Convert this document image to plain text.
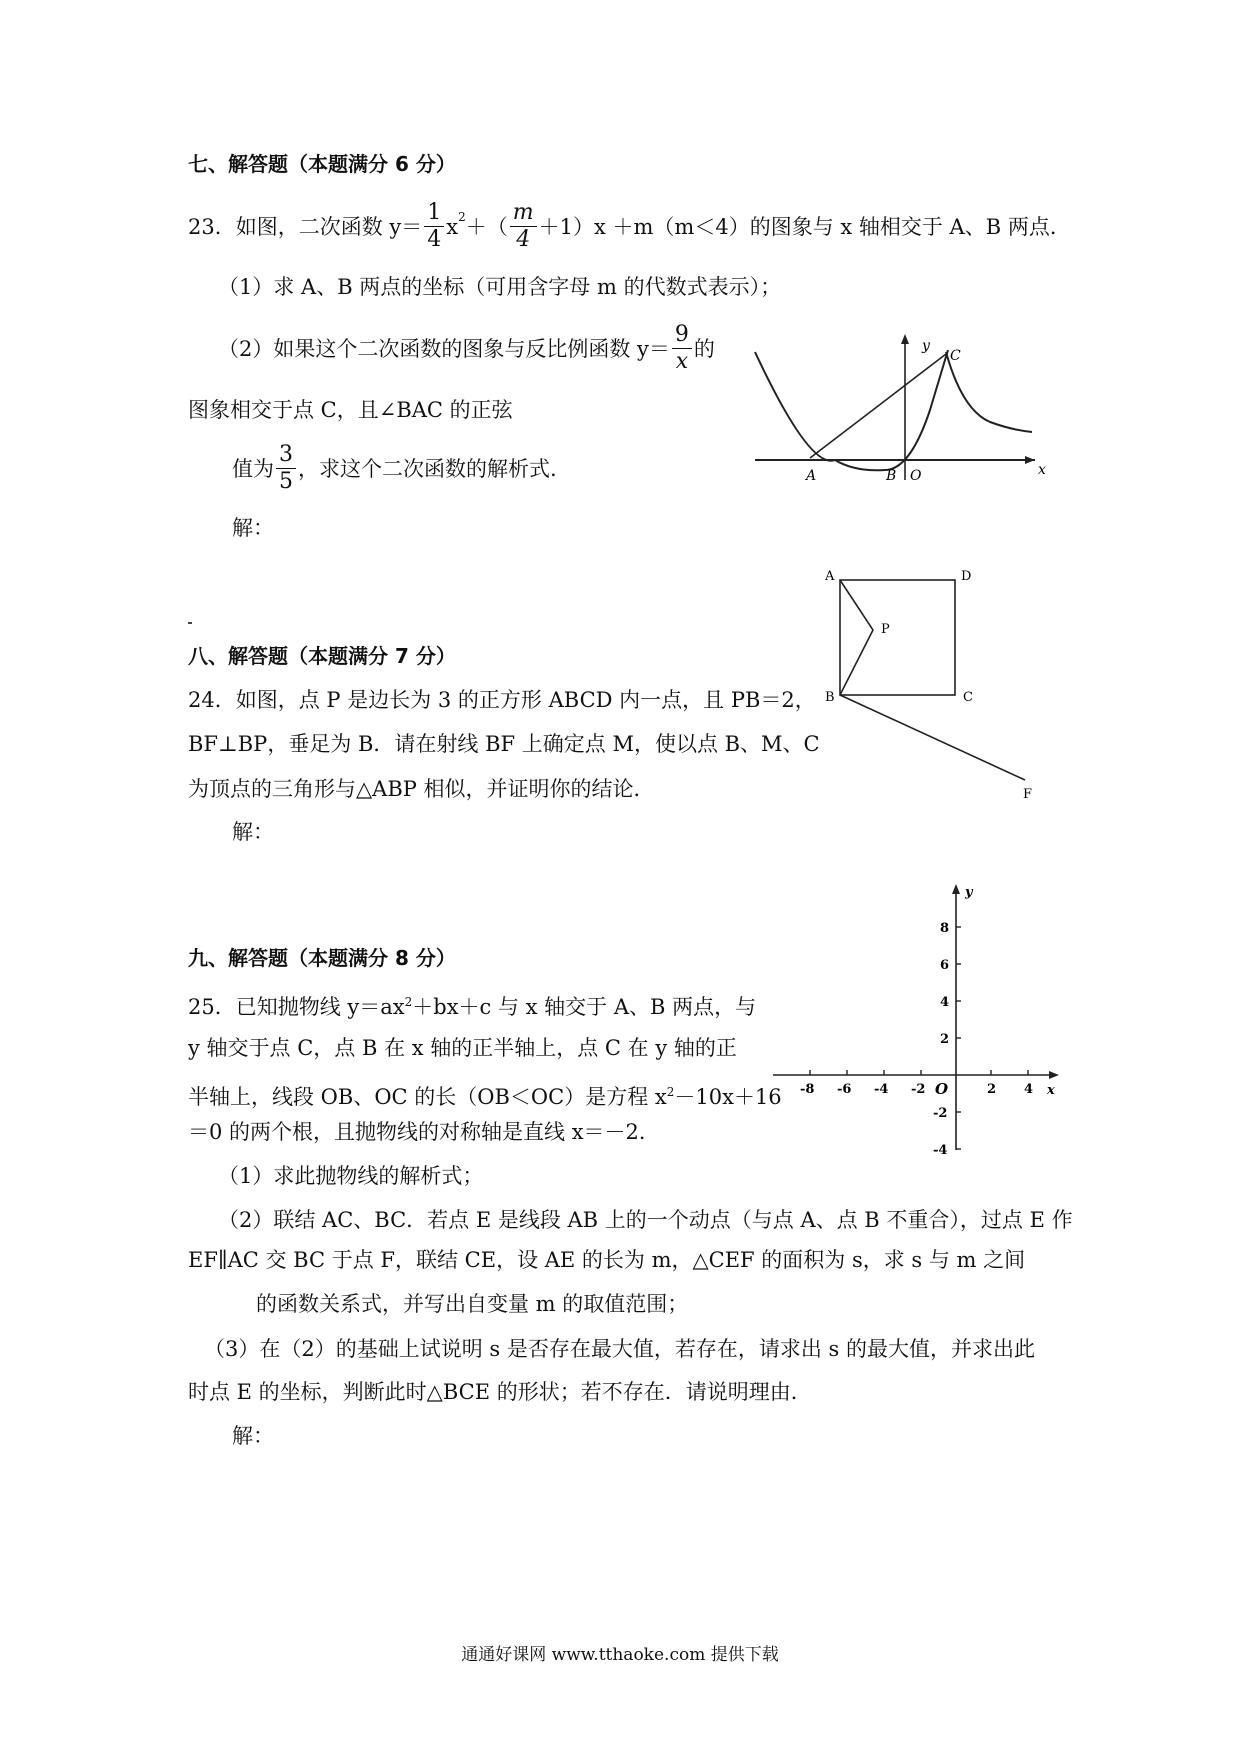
七、解答题（本题满分 6 分）
23．如图，二次函数 $y= \frac{1}{4} x^2$ ＋（ $\frac{m}{4} +1)x +m(m<4)$的图象与 x 轴相交于 A、B 两点．
（1）求 A、B 两点的坐标（可用含字母 m 的代数式表示）；
（2）如果这个二次函数的图象与反比例函数 $y= \frac{9}{x}$ 的
图象相交于点 C，且∠BAC 的正弦
值为 $\frac{3}{5}$ ，求这个二次函数的解析式.
解：
y
C
x
A	B O
八、解答题（本题满分 7 分）
24．如图，点 P 是边长为 3 的正方形 ABCD 内一点，且 PB＝2，
BF⊥BP，垂足为 B．请在射线 BF 上确定点 M，使以点 B、M、C
为顶点的三角形与△ABP 相似，并证明你的结论．
解：
A	D
P
B	C
F
九、解答题（本题满分 8 分）
25．已知抛物线 $y=ax^2+bx+c$ 与 x 轴交于 A、B 两点，与
y 轴交于点 C，点 B 在 x 轴的正半轴上，点 C 在 y 轴的正
半轴上，线段 OB、OC 的长（OB＜OC）是方程 $x^2-10x+16$
＝0 的两个根，且抛物线的对称轴是直线 x＝－2．
（1）求此抛物线的解析式；
（2）联结 AC、BC．若点 E 是线段 AB 上的一个动点（与点 A、点 B 不重合），过点 E 作
EF∥AC 交 BC 于点 F，联结 CE，设 AE 的长为 m，△CEF 的面积为 s，求 s 与 m 之间
的函数关系式，并写出自变量 m 的取值范围；
（3）在（2）的基础上试说明 s 是否存在最大值，若存在，请求出 s 的最大值，并求出此
时点 E 的坐标，判断此时△BCE 的形状；若不存在．请说明理由．
解：
y
x
O
8
6
4
2
-2
-4
-8 -6 -4 -2	2 4
通通好课网 www.tthaoke.com 提供下载
